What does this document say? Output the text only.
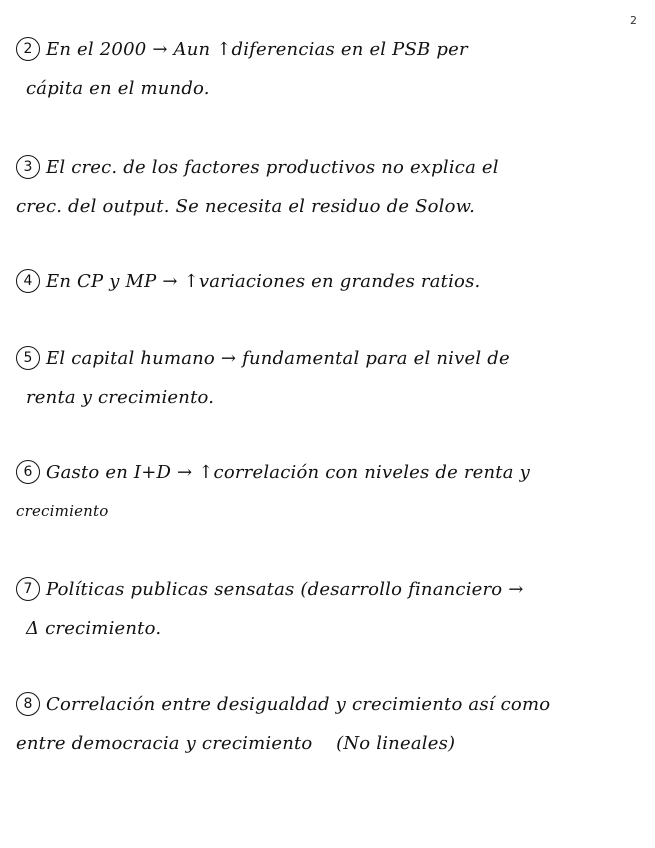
2
2 En el 2000 → Aun ↑diferencias en el PSB per
cápita en el mundo.
3 El crec. de los factores productivos no explica el
crec. del output. Se necesita el residuo de Solow.
4 En CP y MP → ↑variaciones en grandes ratios.
5 El capital humano → fundamental para el nivel de
renta y crecimiento.
6 Gasto en I+D → ↑correlación con niveles de renta y
crecimiento
7 Políticas publicas sensatas (desarrollo financiero →
Δ crecimiento.
8 Correlación entre desigualdad y crecimiento así como
entre democracia y crecimiento    (No lineales)
